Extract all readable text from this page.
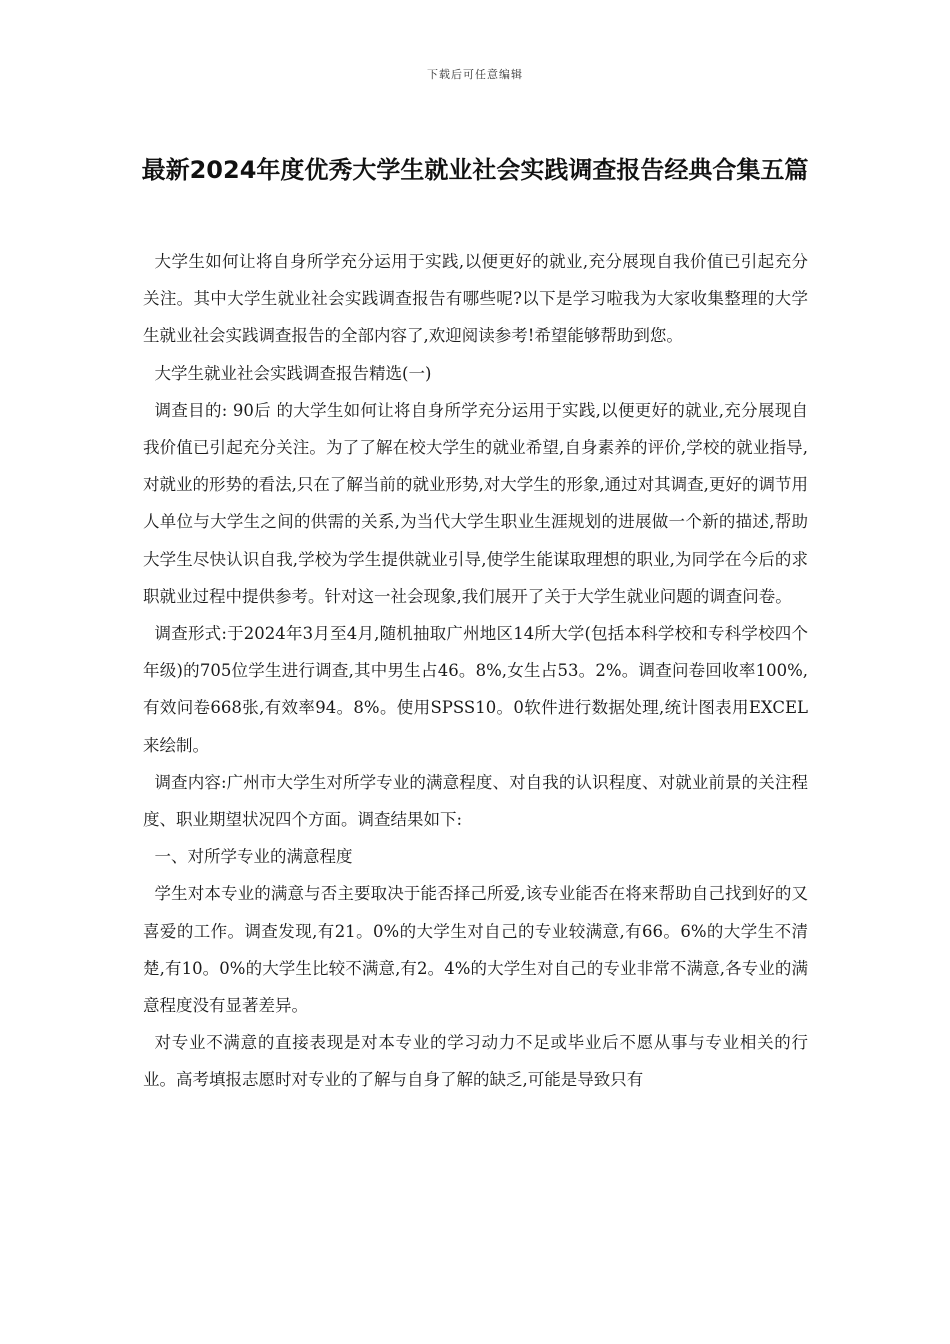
下载后可任意编辑
最新2024年度优秀大学生就业社会实践调查报告经典合集五篇

大学生如何让将自身所学充分运用于实践,以便更好的就业,充分展现自我价值已引起充分关注。其中大学生就业社会实践调查报告有哪些呢?以下是学习啦我为大家收集整理的大学生就业社会实践调查报告的全部内容了,欢迎阅读参考!希望能够帮助到您。

大学生就业社会实践调查报告精选(一)

调查目的: 90后 的大学生如何让将自身所学充分运用于实践,以便更好的就业,充分展现自我价值已引起充分关注。为了了解在校大学生的就业希望,自身素养的评价,学校的就业指导,对就业的形势的看法,只在了解当前的就业形势,对大学生的形象,通过对其调查,更好的调节用人单位与大学生之间的供需的关系,为当代大学生职业生涯规划的进展做一个新的描述,帮助大学生尽快认识自我,学校为学生提供就业引导,使学生能谋取理想的职业,为同学在今后的求职就业过程中提供参考。针对这一社会现象,我们展开了关于大学生就业问题的调查问卷。

调查形式:于2024年3月至4月,随机抽取广州地区14所大学(包括本科学校和专科学校四个年级)的705位学生进行调查,其中男生占46。8%,女生占53。2%。调查问卷回收率100%,有效问卷668张,有效率94。8%。使用SPSS10。0软件进行数据处理,统计图表用EXCEL来绘制。

调查内容:广州市大学生对所学专业的满意程度、对自我的认识程度、对就业前景的关注程度、职业期望状况四个方面。调查结果如下:

一、对所学专业的满意程度

学生对本专业的满意与否主要取决于能否择己所爱,该专业能否在将来帮助自己找到好的又喜爱的工作。调查发现,有21。0%的大学生对自己的专业较满意,有66。6%的大学生不清楚,有10。0%的大学生比较不满意,有2。4%的大学生对自己的专业非常不满意,各专业的满意程度没有显著差异。

对专业不满意的直接表现是对本专业的学习动力不足或毕业后不愿从事与专业相关的行业。高考填报志愿时对专业的了解与自身了解的缺乏,可能是导致只有
